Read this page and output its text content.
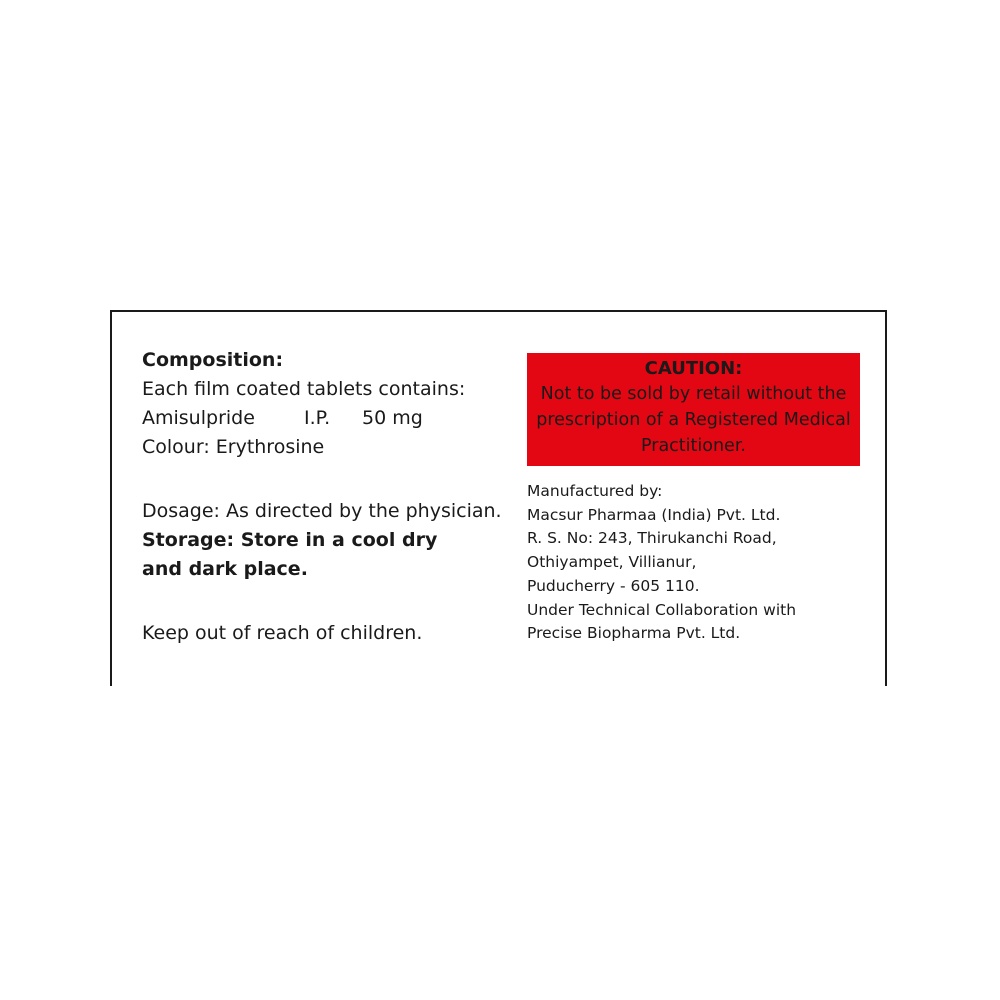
Composition:
Each film coated tablets contains:
Amisulpride	I.P.	50 mg
Colour: Erythrosine
Dosage: As directed by the physician.
Storage: Store in a cool dry and dark place.
Keep out of reach of children.
CAUTION:
Not to be sold by retail without the prescription of a Registered Medical Practitioner.
Manufactured by:
Macsur Pharmaa (India) Pvt. Ltd.
R. S. No: 243, Thirukanchi Road,
Othiyampet, Villianur,
Puducherry - 605 110.
Under Technical Collaboration with
Precise Biopharma Pvt. Ltd.
